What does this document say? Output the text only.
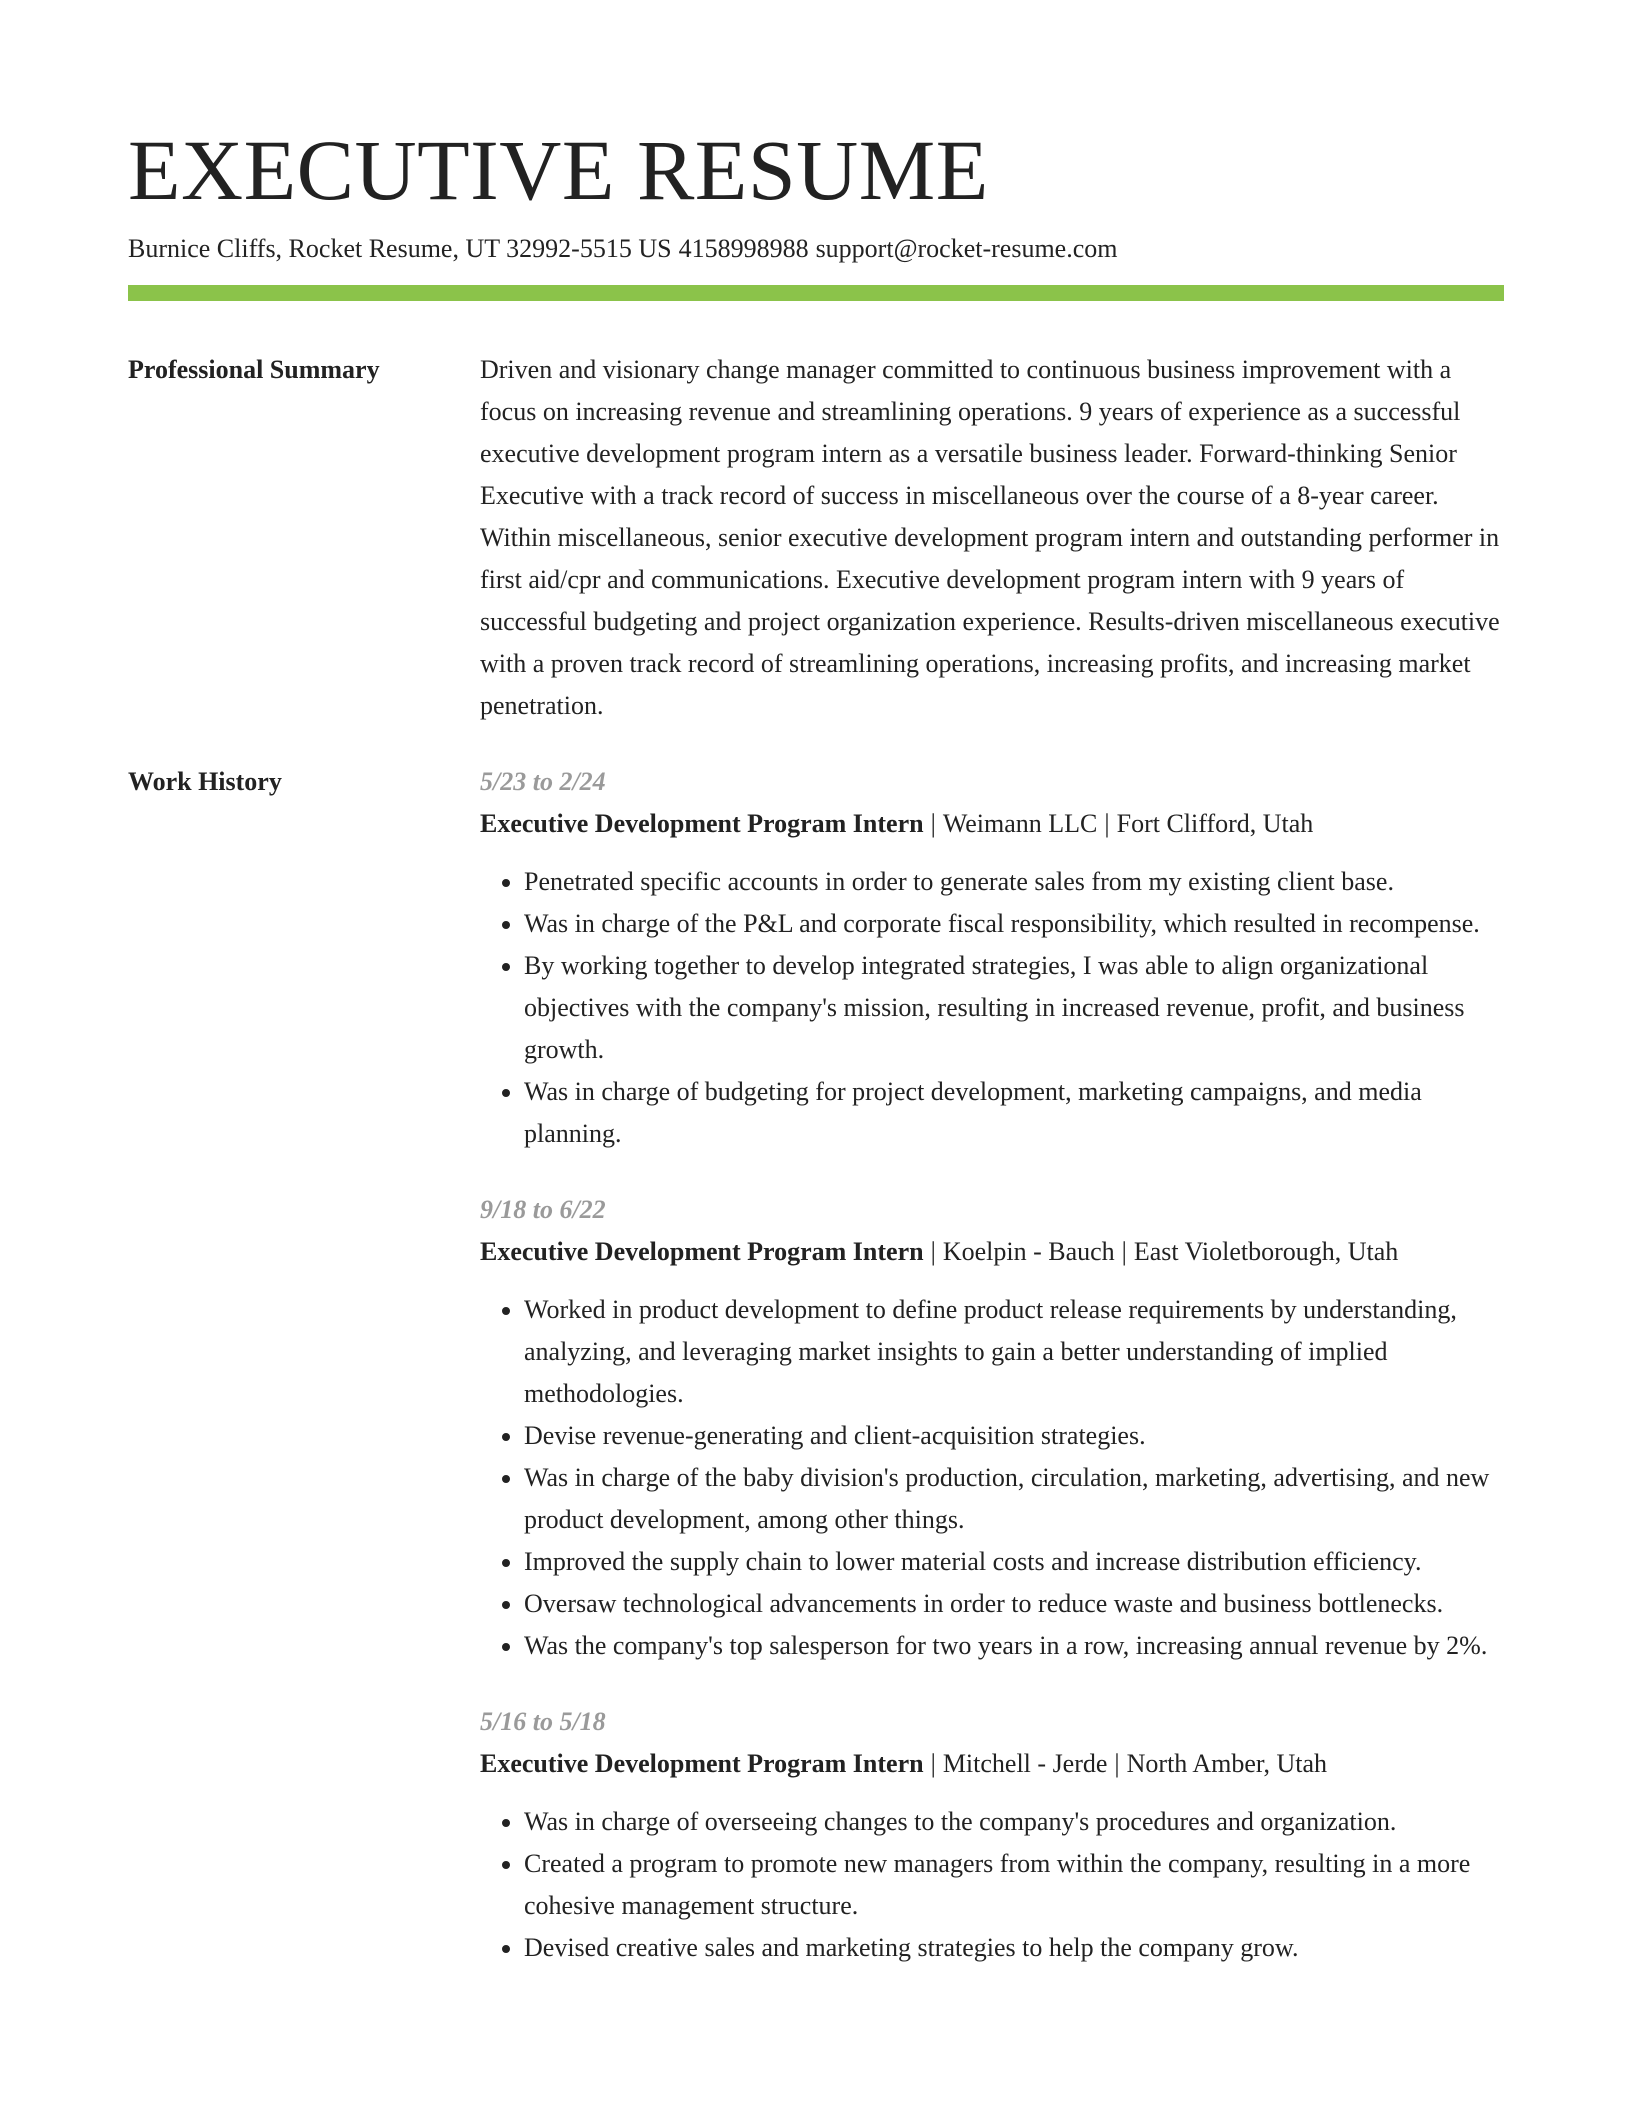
EXECUTIVE RESUME
Burnice Cliffs, Rocket Resume, UT 32992-5515 US 4158998988 support@rocket-resume.com
Professional Summary	Driven and visionary change manager committed to continuous business improvement with a focus on increasing revenue and streamlining operations. 9 years of experience as a successful executive development program intern as a versatile business leader. Forward-thinking Senior Executive with a track record of success in miscellaneous over the course of a 8-year career. Within miscellaneous, senior executive development program intern and outstanding performer in first aid/cpr and communications. Executive development program intern with 9 years of successful budgeting and project organization experience. Results-driven miscellaneous executive with a proven track record of streamlining operations, increasing profits, and increasing market penetration.

Work History	5/23 to 2/24
Executive Development Program Intern | Weimann LLC | Fort Clifford, Utah
• Penetrated specific accounts in order to generate sales from my existing client base.
• Was in charge of the P&L and corporate fiscal responsibility, which resulted in recompense.
• By working together to develop integrated strategies, I was able to align organizational objectives with the company's mission, resulting in increased revenue, profit, and business growth.
• Was in charge of budgeting for project development, marketing campaigns, and media planning.
9/18 to 6/22
Executive Development Program Intern | Koelpin - Bauch | East Violetborough, Utah
• Worked in product development to define product release requirements by understanding, analyzing, and leveraging market insights to gain a better understanding of implied methodologies.
• Devise revenue-generating and client-acquisition strategies.
• Was in charge of the baby division's production, circulation, marketing, advertising, and new product development, among other things.
• Improved the supply chain to lower material costs and increase distribution efficiency.
• Oversaw technological advancements in order to reduce waste and business bottlenecks.
• Was the company's top salesperson for two years in a row, increasing annual revenue by 2%.
5/16 to 5/18
Executive Development Program Intern | Mitchell - Jerde | North Amber, Utah
• Was in charge of overseeing changes to the company's procedures and organization.
• Created a program to promote new managers from within the company, resulting in a more cohesive management structure.
• Devised creative sales and marketing strategies to help the company grow.
